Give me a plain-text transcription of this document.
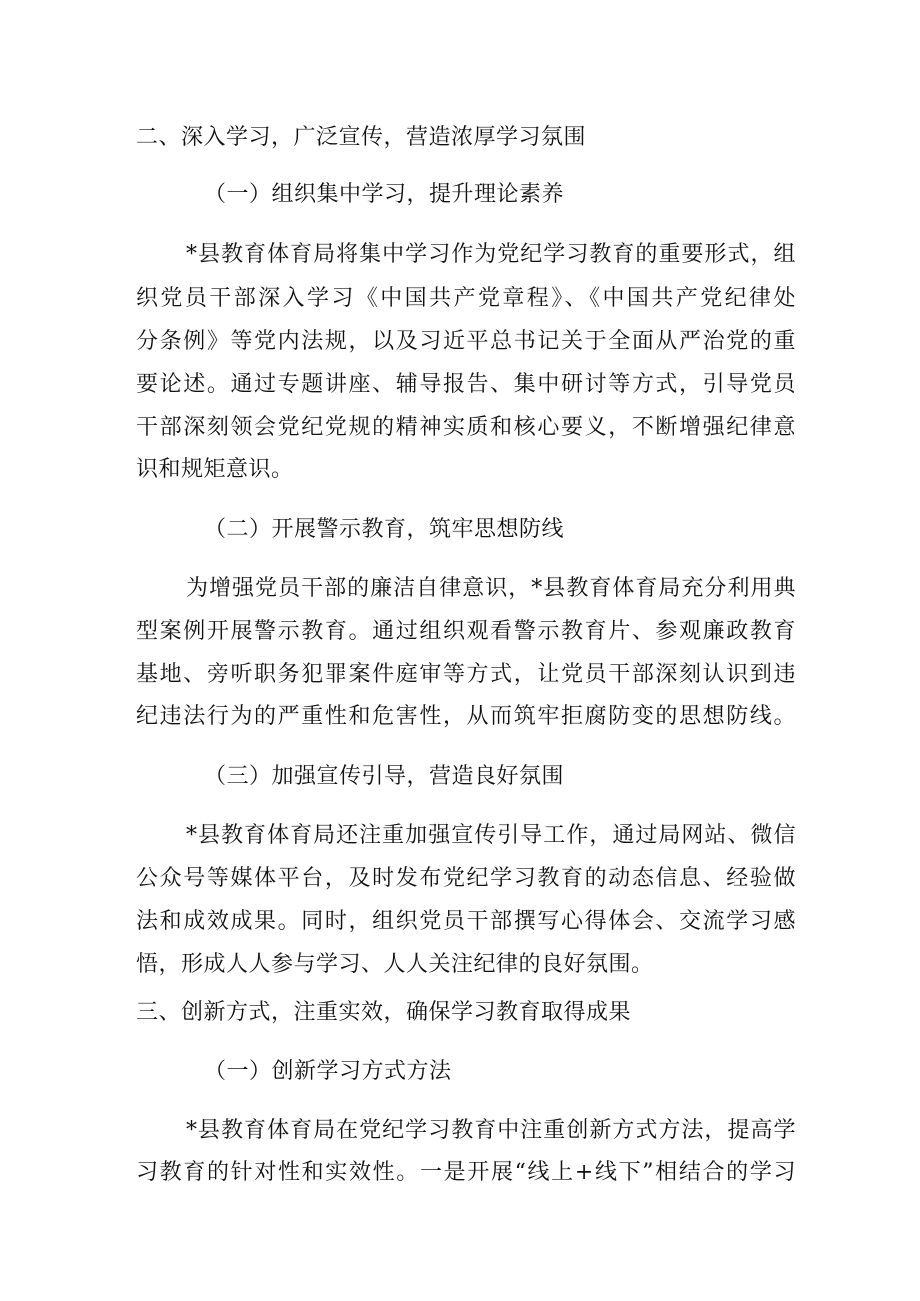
二、深入学习，广泛宣传，营造浓厚学习氛围
（一）组织集中学习，提升理论素养
*县教育体育局将集中学习作为党纪学习教育的重要形式，组
织党员干部深入学习《中国共产党章程》、《中国共产党纪律处
分条例》等党内法规，以及习近平总书记关于全面从严治党的重
要论述。通过专题讲座、辅导报告、集中研讨等方式，引导党员
干部深刻领会党纪党规的精神实质和核心要义，不断增强纪律意
识和规矩意识。
（二）开展警示教育，筑牢思想防线
为增强党员干部的廉洁自律意识，*县教育体育局充分利用典
型案例开展警示教育。通过组织观看警示教育片、参观廉政教育
基地、旁听职务犯罪案件庭审等方式，让党员干部深刻认识到违
纪违法行为的严重性和危害性，从而筑牢拒腐防变的思想防线。
（三）加强宣传引导，营造良好氛围
*县教育体育局还注重加强宣传引导工作，通过局网站、微信
公众号等媒体平台，及时发布党纪学习教育的动态信息、经验做
法和成效成果。同时，组织党员干部撰写心得体会、交流学习感
悟，形成人人参与学习、人人关注纪律的良好氛围。
三、创新方式，注重实效，确保学习教育取得成果
（一）创新学习方式方法
*县教育体育局在党纪学习教育中注重创新方式方法，提高学
习教育的针对性和实效性。一是开展“线上+线下”相结合的学习
